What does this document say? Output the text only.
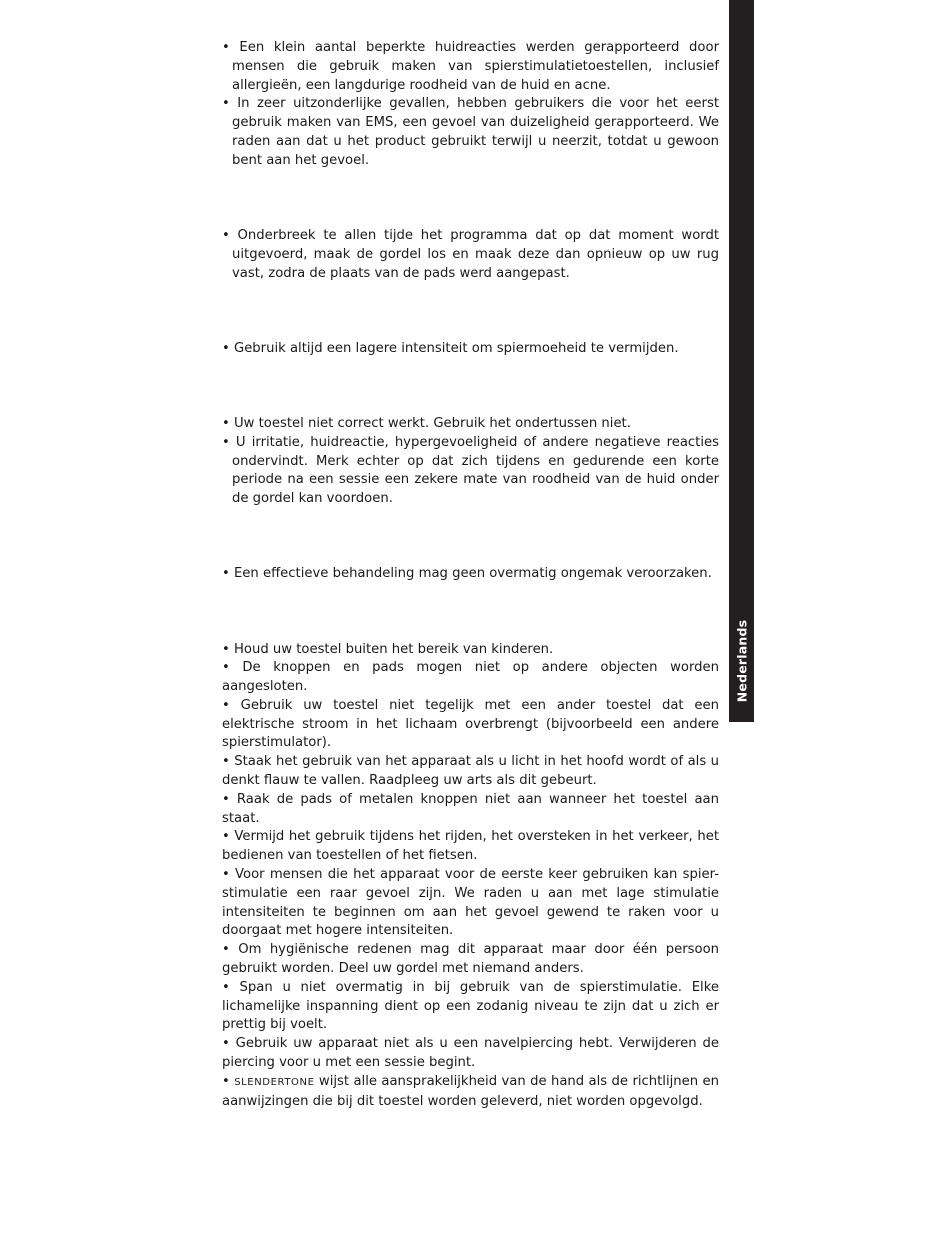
Nederlands

• Een klein aantal beperkte huidreacties werden gerapporteerd door mensen die gebruik maken van spierstimulatietoestellen, inclusief allergieën, een langdurige roodheid van de huid en acne.

• In zeer uitzonderlijke gevallen, hebben gebruikers die voor het eerst gebruik maken van EMS, een gevoel van duizeligheid gerapporteerd. We raden aan dat u het product gebruikt terwijl u neerzit, totdat u gewoon bent aan het gevoel.

• Onderbreek te allen tijde het programma dat op dat moment wordt uitgevoerd, maak de gordel los en maak deze dan opnieuw op uw rug vast, zodra de plaats van de pads werd aangepast.

• Gebruik altijd een lagere intensiteit om spiermoeheid te vermijden.

• Uw toestel niet correct werkt. Gebruik het ondertussen niet.

• U irritatie, huidreactie, hypergevoeligheid of andere negatieve reacties ondervindt. Merk echter op dat zich tijdens en gedurende een korte periode na een sessie een zekere mate van roodheid van de huid onder de gordel kan voordoen.

• Een effectieve behandeling mag geen overmatig ongemak veroorzaken.

• Houd uw toestel buiten het bereik van kinderen.

• De knoppen en pads mogen niet op andere objecten worden aangesloten.

• Gebruik uw toestel niet tegelijk met een ander toestel dat een elektrische stroom in het lichaam overbrengt (bijvoorbeeld een andere spierstimulator).

• Staak het gebruik van het apparaat als u licht in het hoofd wordt of als u denkt flauw te vallen. Raadpleeg uw arts als dit gebeurt.

• Raak de pads of metalen knoppen niet aan wanneer het toestel aan staat.

• Vermijd het gebruik tijdens het rijden, het oversteken in het verkeer, het bedienen van toestellen of het fietsen.

• Voor mensen die het apparaat voor de eerste keer gebruiken kan spier-stimulatie een raar gevoel zijn. We raden u aan met lage stimulatie intensiteiten te beginnen om aan het gevoel gewend te raken voor u doorgaat met hogere intensiteiten.

• Om hygiënische redenen mag dit apparaat maar door één persoon gebruikt worden. Deel uw gordel met niemand anders.

• Span u niet overmatig in bij gebruik van de spierstimulatie. Elke lichamelijke inspanning dient op een zodanig niveau te zijn dat u zich er prettig bij voelt.

• Gebruik uw apparaat niet als u een navelpiercing hebt. Verwijderen de piercing voor u met een sessie begint.

• SLENDERTONE wijst alle aansprakelijkheid van de hand als de richtlijnen en aanwijzingen die bij dit toestel worden geleverd, niet worden opgevolgd.
